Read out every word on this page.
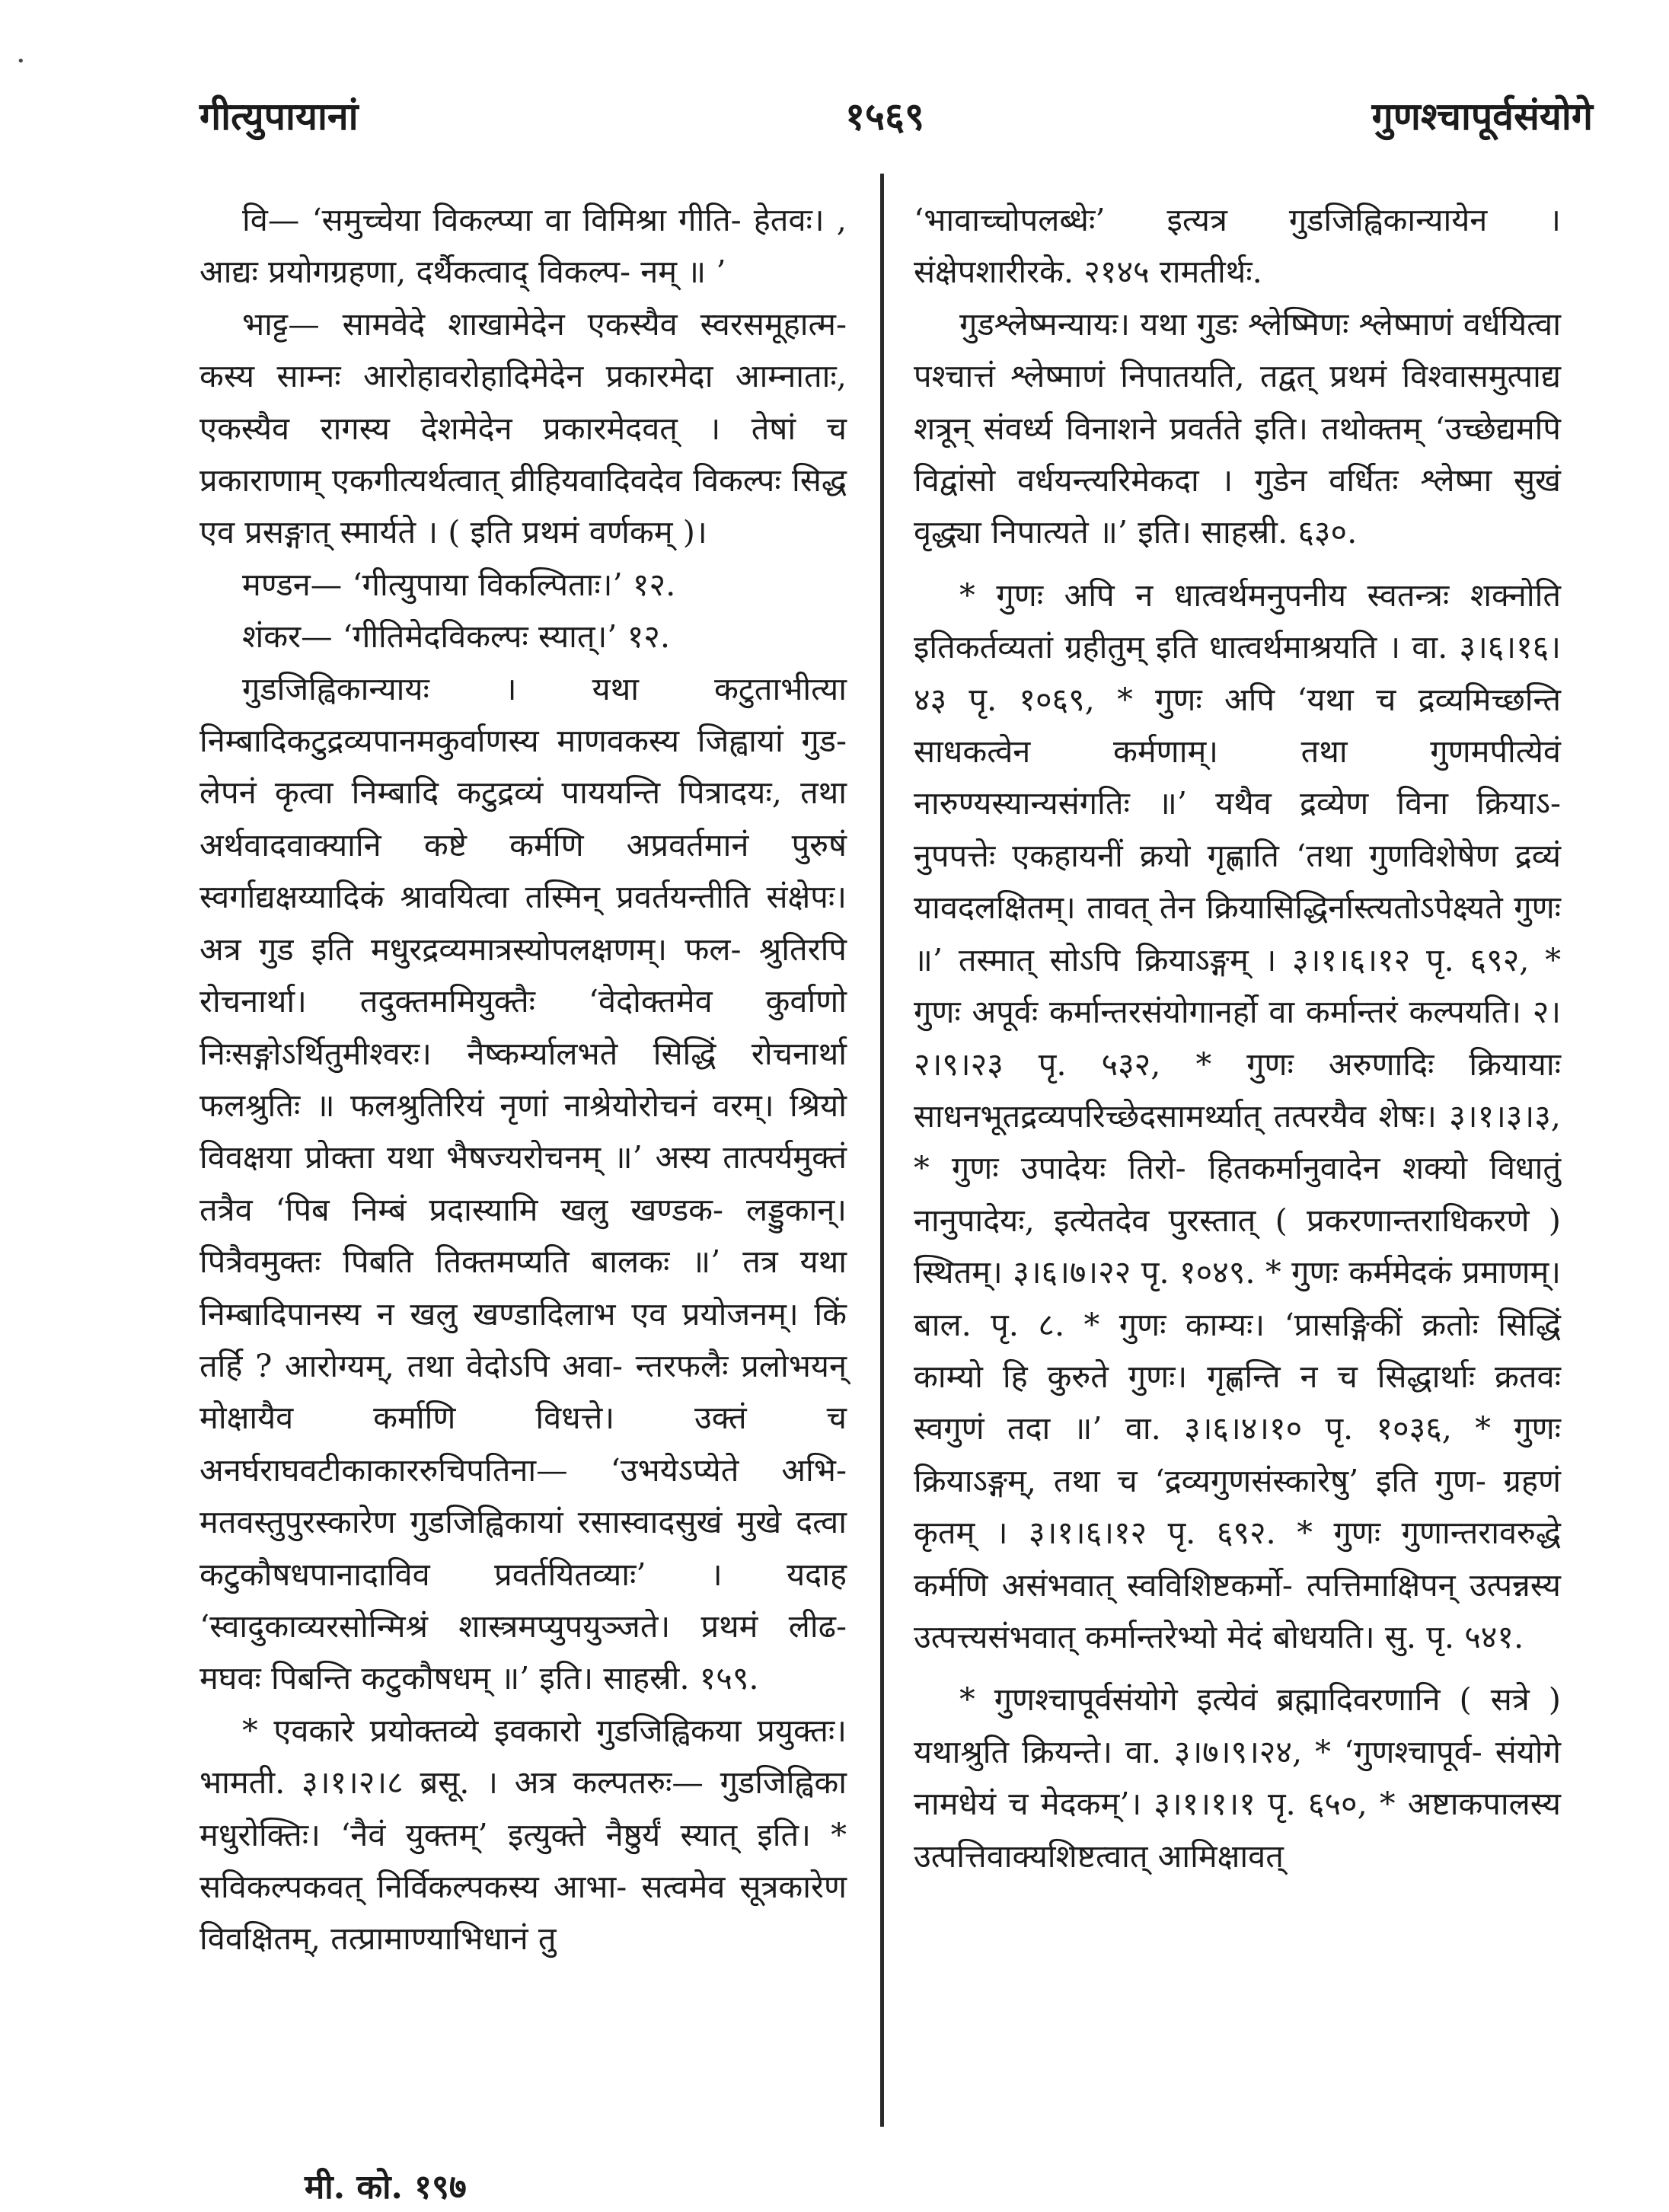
गीत्युपायानां	१५६९	गुणश्चापूर्वसंयोगे
•

वि— ‘समुच्चेया विकल्प्या वा विमिश्रा गीति- हेतवः। , आद्यः प्रयोगग्रहणा, दर्थैकत्वाद् विकल्प- नम् ॥ ’

भाट्ट— सामवेदे शाखामेदेन एकस्यैव स्वरसमूहात्म- कस्य साम्नः आरोहावरोहादिमेदेन प्रकारमेदा आम्नाताः, एकस्यैव रागस्य देशमेदेन प्रकारमेदवत् । तेषां च प्रकाराणाम् एकगीत्यर्थत्वात् व्रीहियवादिवदेव विकल्पः सिद्ध एव प्रसङ्गात् स्मार्यते । ( इति प्रथमं वर्णकम् )।

मण्डन— ‘गीत्युपाया विकल्पिताः।’ १२.

शंकर— ‘गीतिमेदविकल्पः स्यात्।’ १२.

गुडजिह्विकान्यायः । यथा कटुताभीत्या निम्बादिकटुद्रव्यपानमकुर्वाणस्य माणवकस्य जिह्वायां गुड- लेपनं कृत्वा निम्बादि कटुद्रव्यं पाययन्ति पित्रादयः, तथा अर्थवादवाक्यानि कष्टे कर्मणि अप्रवर्तमानं पुरुषं स्वर्गाद्यक्षय्यादिकं श्रावयित्वा तस्मिन् प्रवर्तयन्तीति संक्षेपः। अत्र गुड इति मधुरद्रव्यमात्रस्योपलक्षणम्। फल- श्रुतिरपि रोचनार्था। तदुक्तममियुक्तैः ‘वेदोक्तमेव कुर्वाणो निःसङ्गोऽर्थितुमीश्वरः। नैष्कर्म्यालभते सिद्धिं रोचनार्था फलश्रुतिः ॥ फलश्रुतिरियं नृणां नाश्रेयोरोचनं वरम्। श्रियो विवक्षया प्रोक्ता यथा भैषज्यरोचनम् ॥’ अस्य तात्पर्यमुक्तं तत्रैव ‘पिब निम्बं प्रदास्यामि खलु खण्डक- लड्डुकान्। पित्रैवमुक्तः पिबति तिक्तमप्यति बालकः ॥’ तत्र यथा निम्बादिपानस्य न खलु खण्डादिलाभ एव प्रयोजनम्। किं तर्हि ? आरोग्यम्, तथा वेदोऽपि अवा- न्तरफलैः प्रलोभयन् मोक्षायैव कर्माणि विधत्ते। उक्तं च अनर्घराघवटीकाकाररुचिपतिना— ‘उभयेऽप्येते अभि- मतवस्तुपुरस्कारेण गुडजिह्विकायां रसास्वादसुखं मुखे दत्वा कटुकौषधपानादाविव प्रवर्तयितव्याः’ । यदाह ‘स्वादुकाव्यरसोन्मिश्रं शास्त्रमप्युपयुञ्जते। प्रथमं लीढ- मघवः पिबन्ति कटुकौषधम् ॥’ इति। साहस्री. १५९.

* एवकारे प्रयोक्तव्ये इवकारो गुडजिह्विकया प्रयुक्तः। भामती. ३।१।२।८ ब्रसू. । अत्र कल्पतरुः— गुडजिह्विका मधुरोक्तिः। ‘नैवं युक्तम्’ इत्युक्ते नैष्ठुर्यं स्यात् इति। * सविकल्पकवत् निर्विकल्पकस्य आभा- सत्वमेव सूत्रकारेण विवक्षितम्, तत्प्रामाण्याभिधानं तु

‘भावाच्चोपलब्धेः’ इत्यत्र गुडजिह्विकान्यायेन । संक्षेपशारीरके. २१४५ रामतीर्थः.

गुडश्लेष्मन्यायः। यथा गुडः श्लेष्मिणः श्लेष्माणं वर्धयित्वा पश्चात्तं श्लेष्माणं निपातयति, तद्वत् प्रथमं विश्वासमुत्पाद्य शत्रून् संवर्ध्य विनाशने प्रवर्तते इति। तथोक्तम् ‘उच्छेद्यमपि विद्वांसो वर्धयन्त्यरिमेकदा । गुडेन वर्धितः श्लेष्मा सुखं वृद्ध्या निपात्यते ॥’ इति। साहस्री. ६३०.

* गुणः अपि न धात्वर्थमनुपनीय स्वतन्त्रः शक्नोति इतिकर्तव्यतां ग्रहीतुम् इति धात्वर्थमाश्रयति । वा. ३।६।१६।४३ पृ. १०६९, * गुणः अपि ‘यथा च द्रव्यमिच्छन्ति साधकत्वेन कर्मणाम्। तथा गुणमपीत्येवं नारुण्यस्यान्यसंगतिः ॥’ यथैव द्रव्येण विना क्रियाऽ- नुपपत्तेः एकहायनीं क्रयो गृह्णाति ‘तथा गुणविशेषेण द्रव्यं यावदलक्षितम्। तावत् तेन क्रियासिद्धिर्नास्त्यतोऽपेक्ष्यते गुणः ॥’ तस्मात् सोऽपि क्रियाऽङ्गम् । ३।१।६।१२ पृ. ६९२, * गुणः अपूर्वः कर्मान्तरसंयोगानर्हो वा कर्मान्तरं कल्पयति। २।२।९।२३ पृ. ५३२, * गुणः अरुणादिः क्रियायाः साधनभूतद्रव्यपरिच्छेदसामर्थ्यात् तत्परयैव शेषः। ३।१।३।३, * गुणः उपादेयः तिरो- हितकर्मानुवादेन शक्यो विधातुं नानुपादेयः, इत्येतदेव पुरस्तात् ( प्रकरणान्तराधिकरणे ) स्थितम्। ३।६।७।२२ पृ. १०४९. * गुणः कर्ममेदकं प्रमाणम्। बाल. पृ. ८. * गुणः काम्यः। ‘प्रासङ्गिकीं क्रतोः सिद्धिं काम्यो हि कुरुते गुणः। गृह्णन्ति न च सिद्धार्थाः क्रतवः स्वगुणं तदा ॥’ वा. ३।६।४।१० पृ. १०३६, * गुणः क्रियाऽङ्गम्, तथा च ‘द्रव्यगुणसंस्कारेषु’ इति गुण- ग्रहणं कृतम् । ३।१।६।१२ पृ. ६९२. * गुणः गुणान्तरावरुद्धे कर्मणि असंभवात् स्वविशिष्टकर्मो- त्पत्तिमाक्षिपन् उत्पन्नस्य उत्पत्त्यसंभवात् कर्मान्तरेभ्यो मेदं बोधयति। सु. पृ. ५४१.

* गुणश्चापूर्वसंयोगे इत्येवं ब्रह्मादिवरणानि ( सत्रे ) यथाश्रुति क्रियन्ते। वा. ३।७।९।२४, * ‘गुणश्चापूर्व- संयोगे नामधेयं च मेदकम्’। ३।१।१।१ पृ. ६५०, * अष्टाकपालस्य उत्पत्तिवाक्यशिष्टत्वात् आमिक्षावत्

मी. को. १९७
